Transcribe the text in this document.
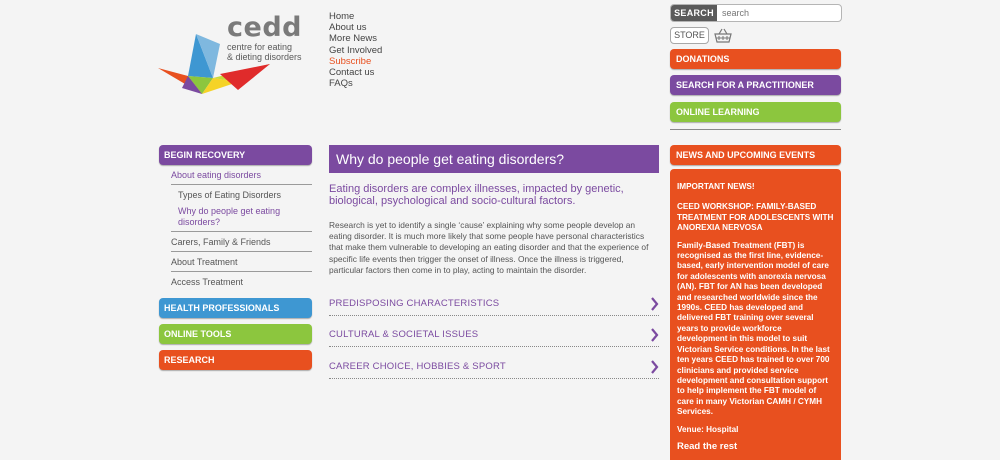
cedd
centre for eating
& dieting disorders
Home
About us
More News
Get Involved
Subscribe
Contact us
FAQs
SEARCH
search
STORE
DONATIONS
SEARCH FOR A PRACTITIONER
ONLINE LEARNING
BEGIN RECOVERY
About eating disorders
Types of Eating Disorders
Why do people get eating disorders?
Carers, Family & Friends
About Treatment
Access Treatment
HEALTH PROFESSIONALS
ONLINE TOOLS
RESEARCH
Why do people get eating disorders?
Eating disorders are complex illnesses, impacted by genetic, biological, psychological and socio-cultural factors.
Research is yet to identify a single ‘cause’ explaining why some people develop an eating disorder. It is much more likely that some people have personal characteristics that make them vulnerable to developing an eating disorder and that the experience of specific life events then trigger the onset of illness. Once the illness is triggered, particular factors then come in to play, acting to maintain the disorder.
PREDISPOSING CHARACTERISTICS
CULTURAL & SOCIETAL ISSUES
CAREER CHOICE, HOBBIES & SPORT
NEWS AND UPCOMING EVENTS

IMPORTANT NEWS!

CEED WORKSHOP: FAMILY-BASED TREATMENT FOR ADOLESCENTS WITH ANOREXIA NERVOSA

Family-Based Treatment (FBT) is recognised as the first line, evidence-based, early intervention model of care for adolescents with anorexia nervosa (AN). FBT for AN has been developed and researched worldwide since the 1990s. CEED has developed and delivered FBT training over several years to provide workforce development in this model to suit Victorian Service conditions. In the last ten years CEED has trained to over 700 clinicians and provided service development and consultation support to help implement the FBT model of care in many Victorian CAMH / CYMH Services.

Venue: Hospital

Read the rest
